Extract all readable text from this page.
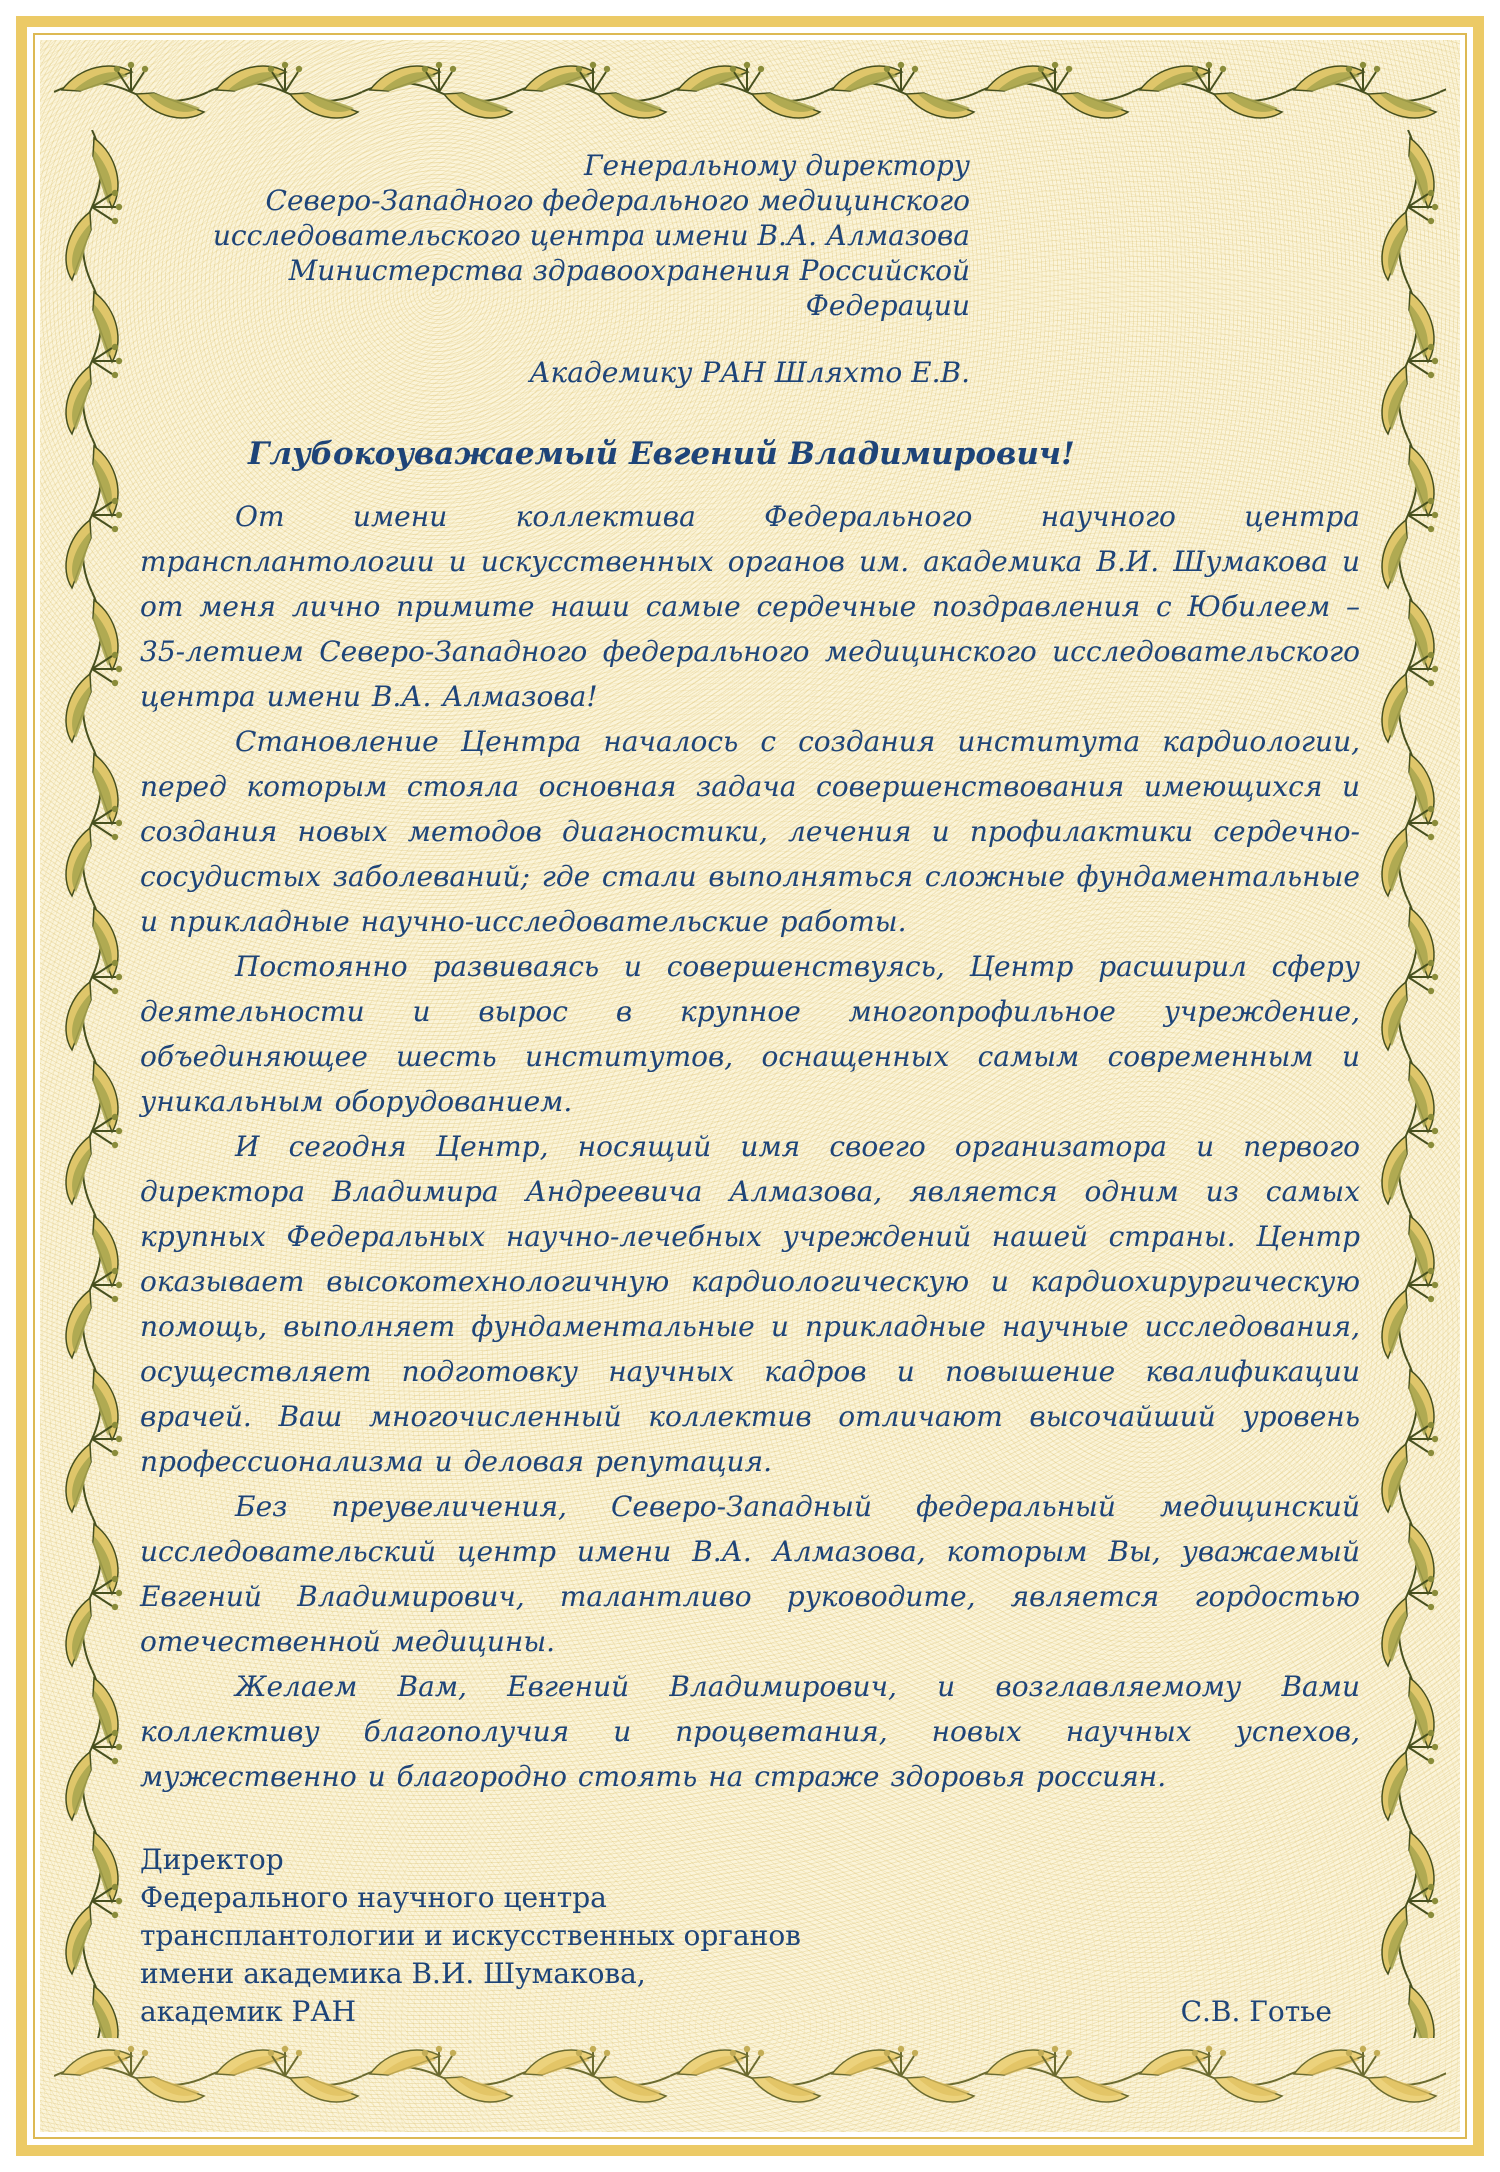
Генеральному директору
Северо-Западного федерального медицинского
исследовательского центра имени В.А. Алмазова
Министерства здравоохранения Российской Федерации
Академику РАН Шляхто Е.В.
Глубокоуважаемый Евгений Владимирович!

От имени коллектива Федерального научного центра трансплантологии и искусственных органов им. академика В.И. Шумакова и от меня лично примите наши самые сердечные поздравления с Юбилеем – 35-летием Северо-Западного федерального медицинского исследовательского центра имени В.А. Алмазова!

Становление Центра началось с создания института кардиологии, перед которым стояла основная задача совершенствования имеющихся и создания новых методов диагностики, лечения и профилактики сердечно-сосудистых заболеваний; где стали выполняться сложные фундаментальные и прикладные научно-исследовательские работы.

Постоянно развиваясь и совершенствуясь, Центр расширил сферу деятельности и вырос в крупное многопрофильное учреждение, объединяющее шесть институтов, оснащенных самым современным и уникальным оборудованием.

И сегодня Центр, носящий имя своего организатора и первого директора Владимира Андреевича Алмазова, является одним из самых крупных Федеральных научно-лечебных учреждений нашей страны. Центр оказывает высокотехнологичную кардиологическую и кардиохирургическую помощь, выполняет фундаментальные и прикладные научные исследования, осуществляет подготовку научных кадров и повышение квалификации врачей. Ваш многочисленный коллектив отличают высочайший уровень профессионализма и деловая репутация.

Без преувеличения, Северо-Западный федеральный медицинский исследовательский центр имени В.А. Алмазова, которым Вы, уважаемый Евгений Владимирович, талантливо руководите, является гордостью отечественной медицины.

Желаем Вам, Евгений Владимирович, и возглавляемому Вами коллективу благополучия и процветания, новых научных успехов, мужественно и благородно стоять на страже здоровья россиян.

Директор
Федерального научного центра
трансплантологии и искусственных органов
имени академика В.И. Шумакова,
академик РАН	С.В. Готье
